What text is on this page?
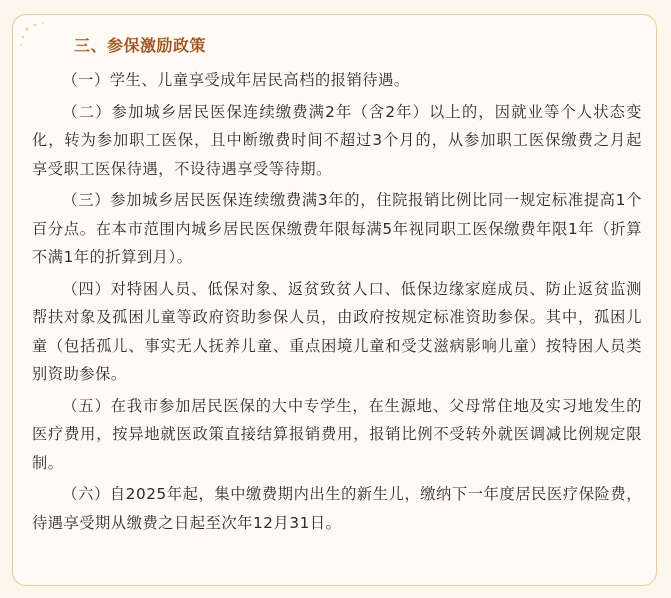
三、参保激励政策

（一）学生、儿童享受成年居民高档的报销待遇。

（二）参加城乡居民医保连续缴费满2年（含2年）以上的，因就业等个人状态变化，转为参加职工医保，且中断缴费时间不超过3个月的，从参加职工医保缴费之月起享受职工医保待遇，不设待遇享受等待期。

（三）参加城乡居民医保连续缴费满3年的，住院报销比例比同一规定标准提高1个百分点。在本市范围内城乡居民医保缴费年限每满5年视同职工医保缴费年限1年（折算不满1年的折算到月）。

（四）对特困人员、低保对象、返贫致贫人口、低保边缘家庭成员、防止返贫监测帮扶对象及孤困儿童等政府资助参保人员，由政府按规定标准资助参保。其中，孤困儿童（包括孤儿、事实无人抚养儿童、重点困境儿童和受艾滋病影响儿童）按特困人员类别资助参保。

（五）在我市参加居民医保的大中专学生，在生源地、父母常住地及实习地发生的医疗费用，按异地就医政策直接结算报销费用，报销比例不受转外就医调减比例规定限制。

（六）自2025年起，集中缴费期内出生的新生儿，缴纳下一年度居民医疗保险费，待遇享受期从缴费之日起至次年12月31日。
